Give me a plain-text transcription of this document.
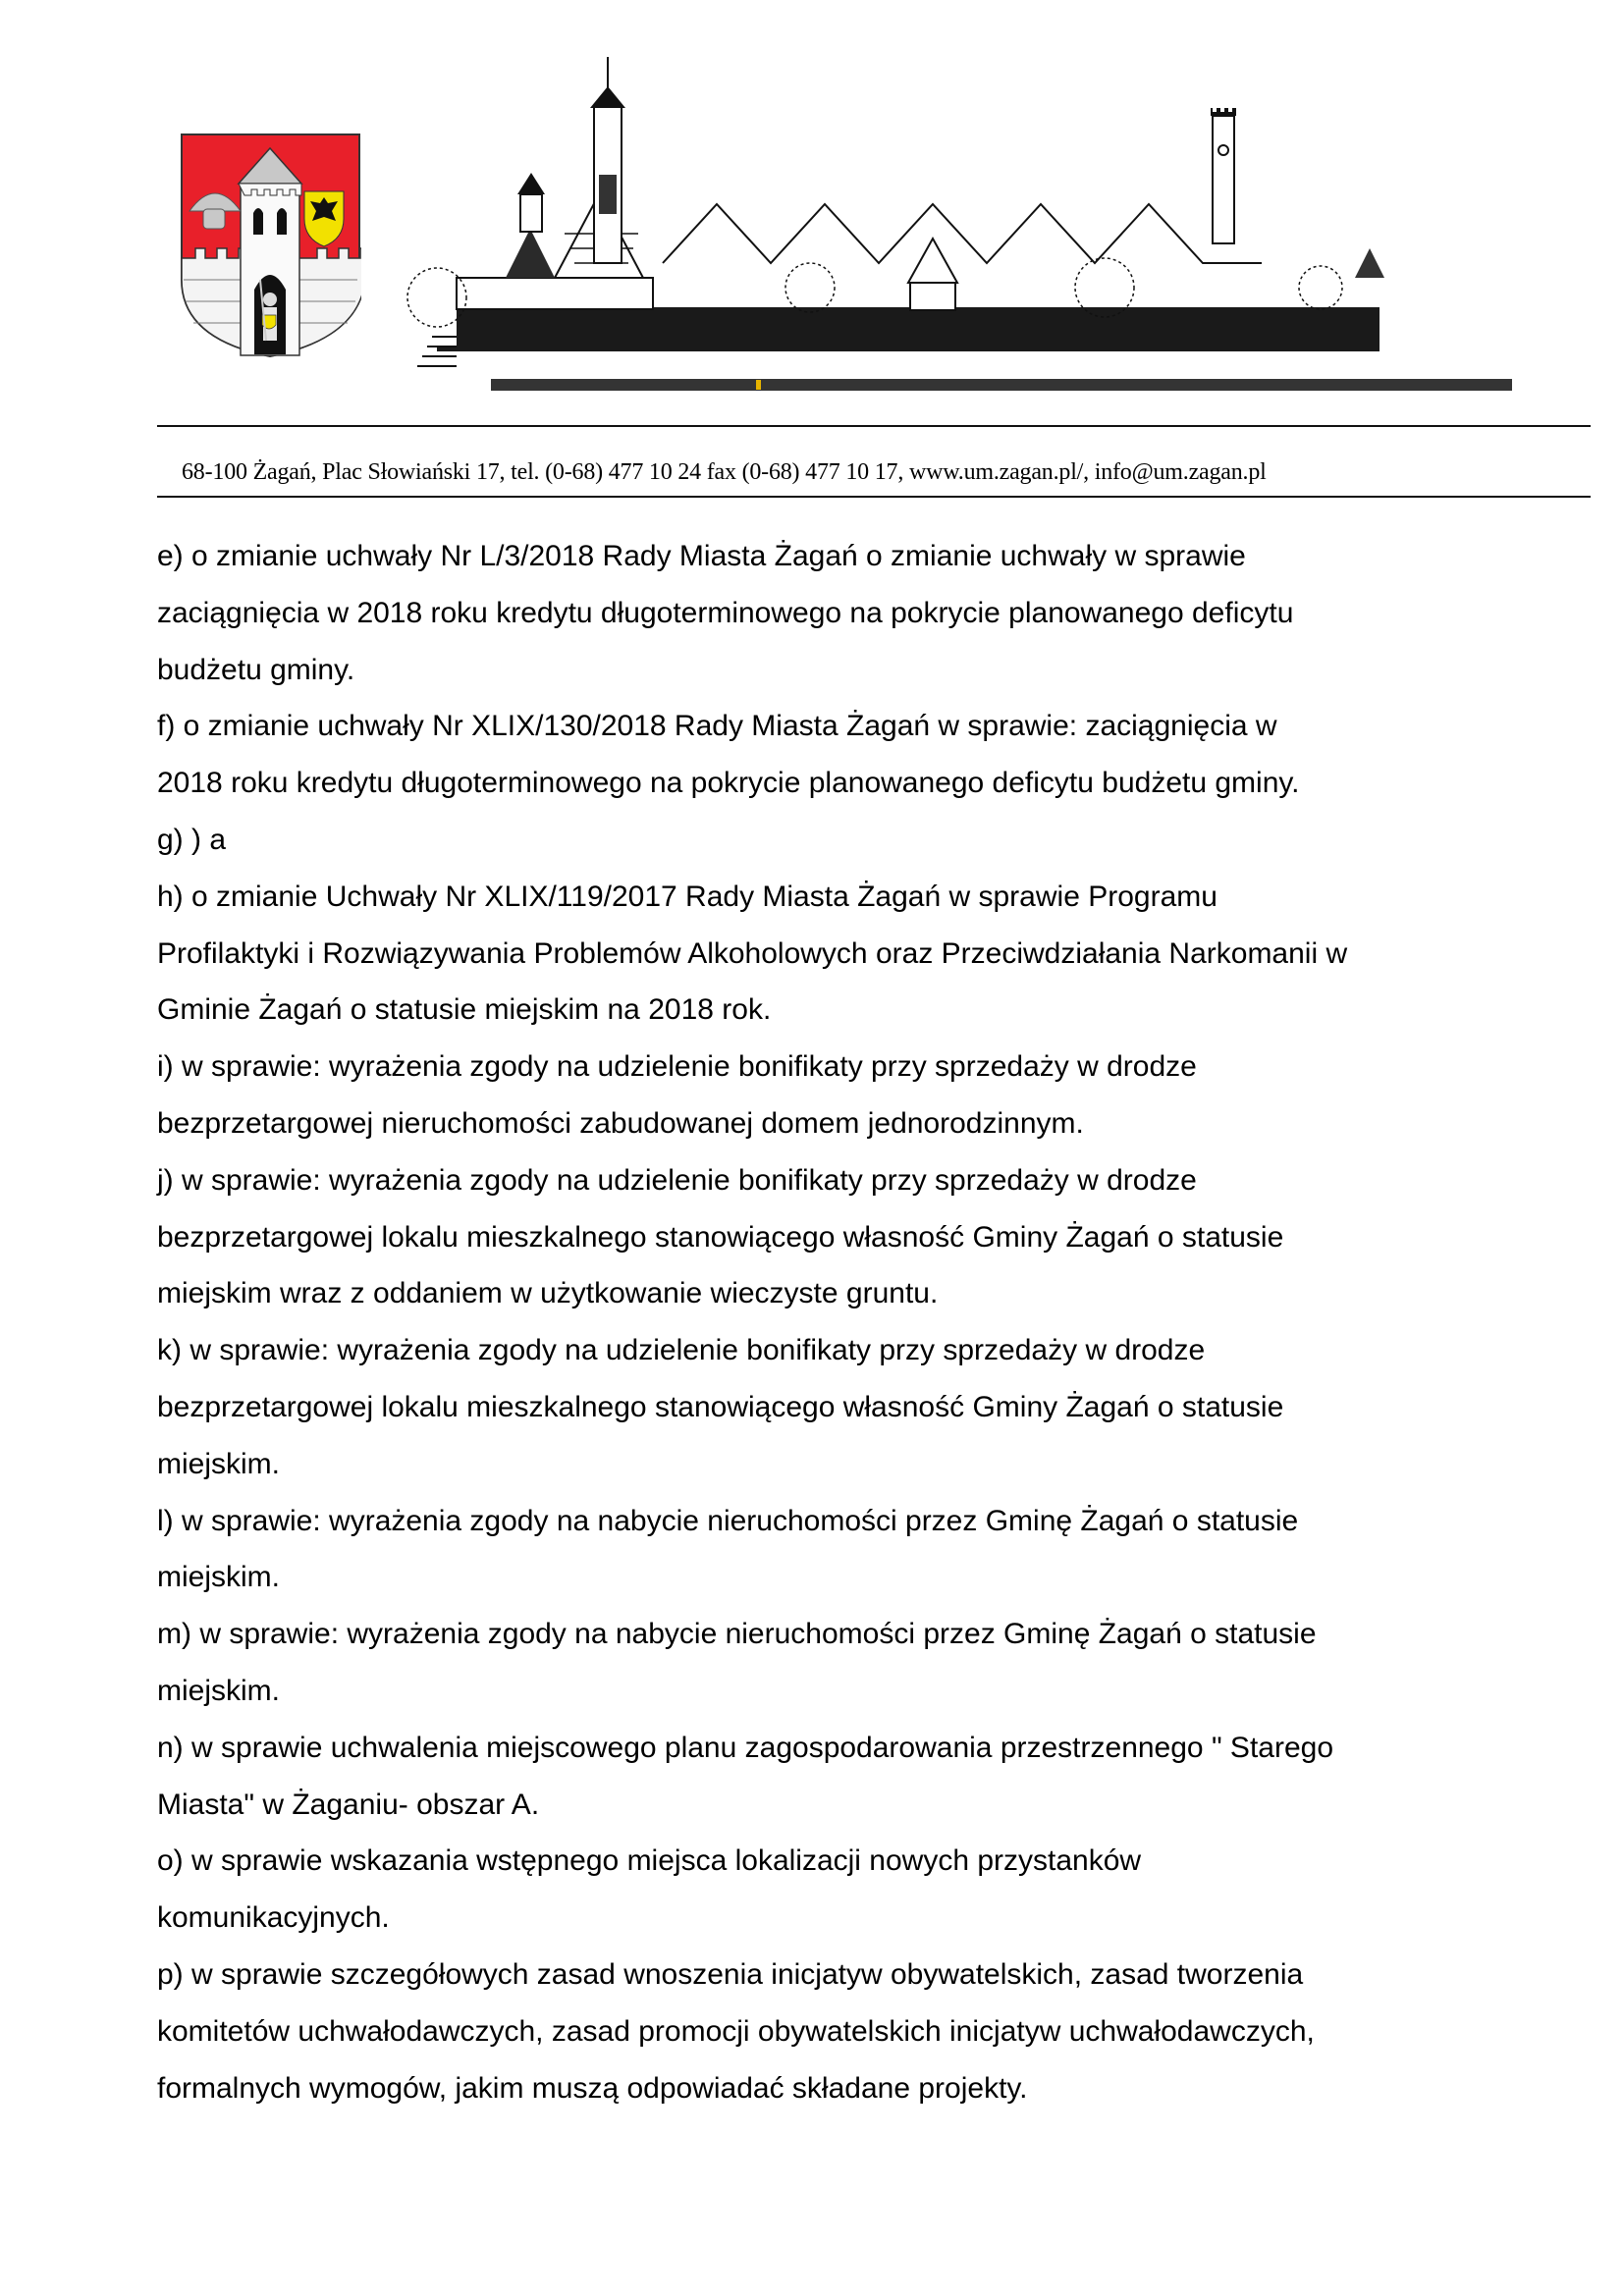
68-100 Żagań, Plac Słowiański 17, tel. (0-68) 477 10 24 fax (0-68) 477 10 17, www.um.zagan.pl/, info@um.zagan.pl

e) o zmianie uchwały Nr L/3/2018 Rady Miasta Żagań o zmianie uchwały w sprawie
zaciągnięcia w 2018 roku kredytu długoterminowego na pokrycie planowanego deficytu
budżetu gminy.

f) o zmianie uchwały Nr XLIX/130/2018 Rady Miasta Żagań w sprawie: zaciągnięcia w
2018 roku kredytu długoterminowego na pokrycie planowanego deficytu budżetu gminy.

g) ) a

h) o zmianie Uchwały Nr XLIX/119/2017 Rady Miasta Żagań w sprawie Programu
Profilaktyki i Rozwiązywania Problemów Alkoholowych oraz Przeciwdziałania Narkomanii w
Gminie Żagań o statusie miejskim na 2018 rok.

i) w sprawie: wyrażenia zgody na udzielenie bonifikaty przy sprzedaży w drodze
bezprzetargowej nieruchomości zabudowanej domem jednorodzinnym.

j) w sprawie: wyrażenia zgody na udzielenie bonifikaty przy sprzedaży w drodze
bezprzetargowej lokalu mieszkalnego stanowiącego własność Gminy Żagań o statusie
miejskim wraz z oddaniem w użytkowanie wieczyste gruntu.

k) w sprawie: wyrażenia zgody na udzielenie bonifikaty przy sprzedaży w drodze
bezprzetargowej lokalu mieszkalnego stanowiącego własność Gminy Żagań o statusie
miejskim.

l) w sprawie: wyrażenia zgody na nabycie nieruchomości przez Gminę Żagań o statusie
miejskim.

m) w sprawie: wyrażenia zgody na nabycie nieruchomości przez Gminę Żagań o statusie
miejskim.

n) w sprawie uchwalenia miejscowego planu zagospodarowania przestrzennego " Starego
Miasta" w Żaganiu- obszar A.

o) w sprawie wskazania wstępnego miejsca lokalizacji nowych przystanków
komunikacyjnych.

p) w sprawie szczegółowych zasad wnoszenia inicjatyw obywatelskich, zasad tworzenia
komitetów uchwałodawczych, zasad promocji obywatelskich inicjatyw uchwałodawczych,
formalnych wymogów, jakim muszą odpowiadać składane projekty.
